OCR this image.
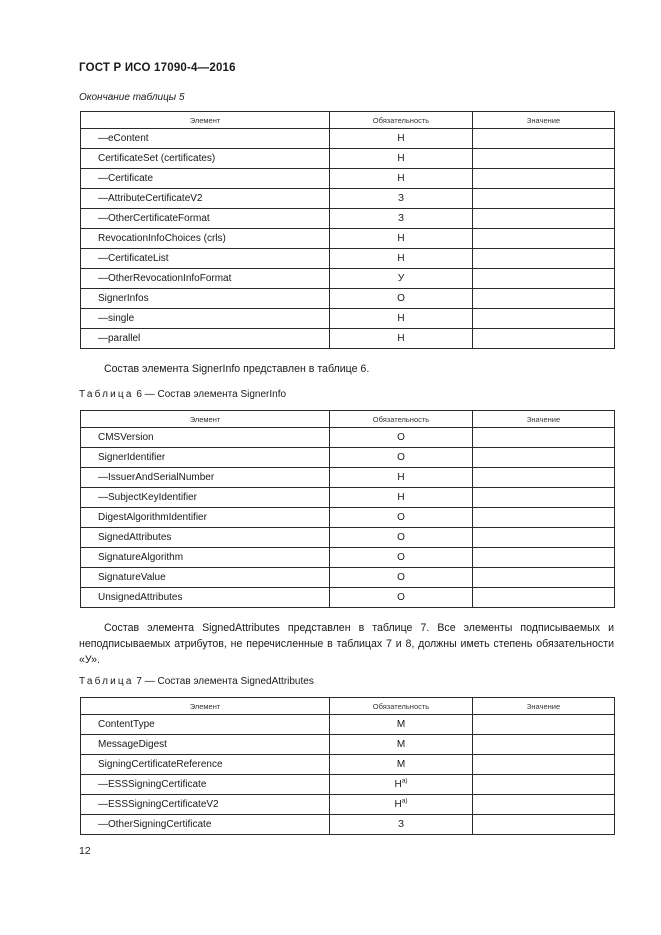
ГОСТ Р ИСО 17090-4—2016
Окончание таблицы 5
Элемент	Обязательность	Значение
—eContent	Н	
CertificateSet (certificates)	Н	
—Certificate	Н	
—AttributeCertificateV2	З	
—OtherCertificateFormat	З	
RevocationInfoChoices (crls)	Н	
—CertificateList	Н	
—OtherRevocationInfoFormat	У	
SignerInfos	О	
—single	Н	
—parallel	Н	

Состав элемента SignerInfo представлен в таблице 6.

Таблица 6 — Состав элемента SignerInfo
Элемент	Обязательность	Значение
CMSVersion	О	
SignerIdentifier	О	
—IssuerAndSerialNumber	Н	
—SubjectKeyIdentifier	Н	
DigestAlgorithmIdentifier	О	
SignedAttributes	О	
SignatureAlgorithm	О	
SignatureValue	О	
UnsignedAttributes	О	

Состав элемента SignedAttributes представлен в таблице 7. Все элементы подписываемых и неподписываемых атрибутов, не перечисленные в таблицах 7 и 8, должны иметь степень обязательности «У».

Таблица 7 — Состав элемента SignedAttributes
Элемент	Обязательность	Значение
ContentType	М	
MessageDigest	М	
SigningCertificateReference	М	
—ESSSigningCertificate	$Н^{а)}$	
—ESSSigningCertificateV2	$Н^{а)}$	
—OtherSigningCertificate	З	
12
